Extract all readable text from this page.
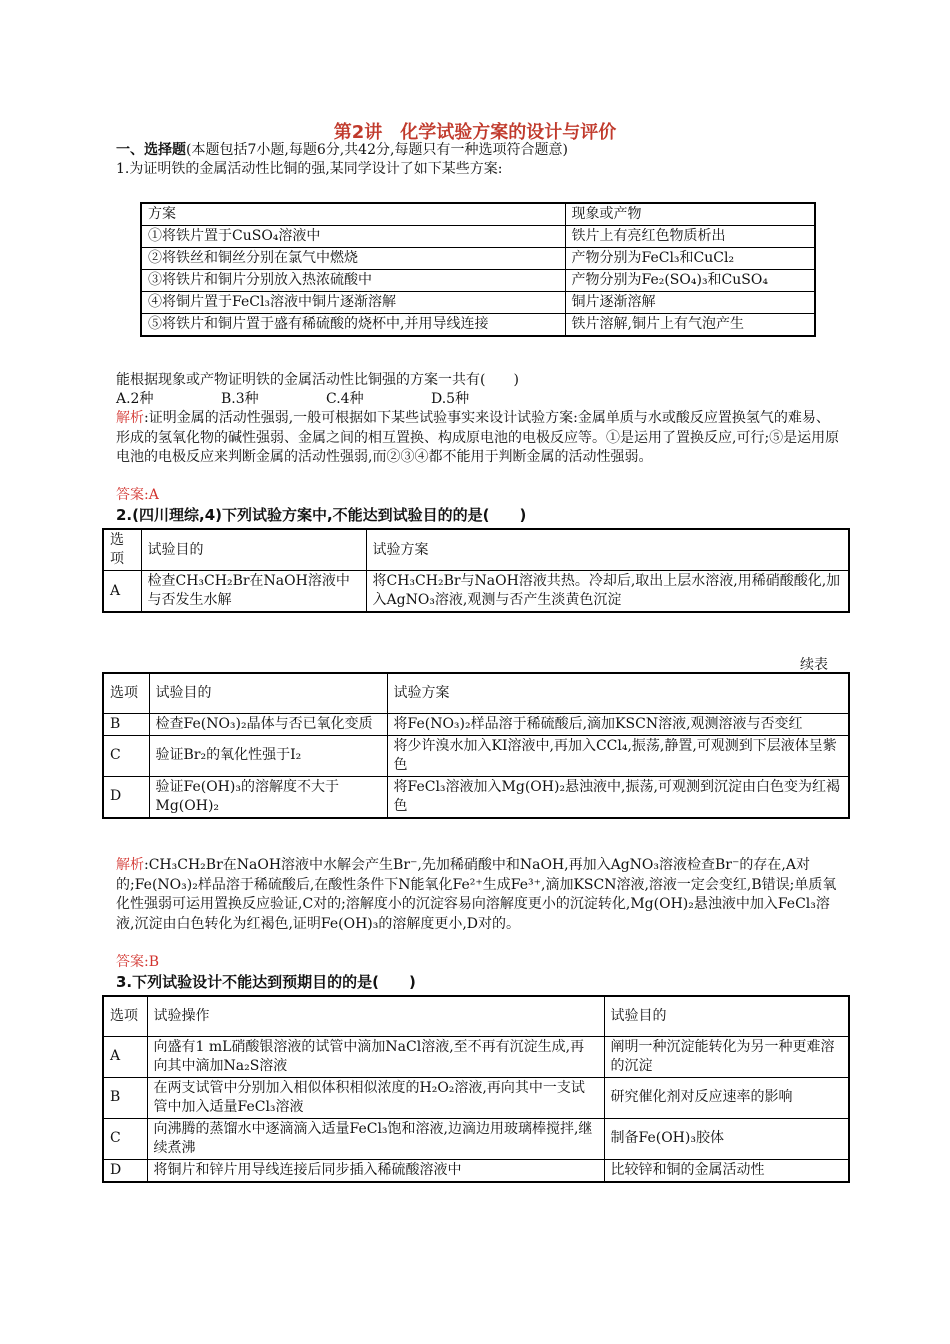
第2讲　化学试验方案的设计与评价
一、选择题(本题包括7小题,每题6分,共42分,每题只有一种选项符合题意)
1.为证明铁的金属活动性比铜的强,某同学设计了如下某些方案:
方案	现象或产物
①将铁片置于CuSO₄溶液中	铁片上有亮红色物质析出
②将铁丝和铜丝分别在氯气中燃烧	产物分别为FeCl₃和CuCl₂
③将铁片和铜片分别放入热浓硫酸中	产物分别为Fe₂(SO₄)₃和CuSO₄
④将铜片置于FeCl₃溶液中铜片逐渐溶解	铜片逐渐溶解
⑤将铁片和铜片置于盛有稀硫酸的烧杯中,并用导线连接	铁片溶解,铜片上有气泡产生
能根据现象或产物证明铁的金属活动性比铜强的方案一共有(　　)
A.2种	B.3种	C.4种	D.5种
解析:证明金属的活动性强弱,一般可根据如下某些试验事实来设计试验方案:金属单质与水或酸反应置换氢气的难易、形成的氢氧化物的碱性强弱、金属之间的相互置换、构成原电池的电极反应等。①是运用了置换反应,可行;⑤是运用原电池的电极反应来判断金属的活动性强弱,而②③④都不能用于判断金属的活动性强弱。
答案:A
2.(四川理综,4)下列试验方案中,不能达到试验目的的是(　　)
选项	试验目的	试验方案
A	检查CH₃CH₂Br在NaOH溶液中与否发生水解	将CH₃CH₂Br与NaOH溶液共热。冷却后,取出上层水溶液,用稀硝酸酸化,加入AgNO₃溶液,观测与否产生淡黄色沉淀
续表
选项	试验目的	试验方案
B	检查Fe(NO₃)₂晶体与否已氧化变质	将Fe(NO₃)₂样品溶于稀硫酸后,滴加KSCN溶液,观测溶液与否变红
C	验证Br₂的氧化性强于I₂	将少许溴水加入KI溶液中,再加入CCl₄,振荡,静置,可观测到下层液体呈紫色
D	验证Fe(OH)₃的溶解度不大于Mg(OH)₂	将FeCl₃溶液加入Mg(OH)₂悬浊液中,振荡,可观测到沉淀由白色变为红褐色
解析:CH₃CH₂Br在NaOH溶液中水解会产生Br⁻,先加稀硝酸中和NaOH,再加入AgNO₃溶液检查Br⁻的存在,A对的;Fe(NO₃)₂样品溶于稀硫酸后,在酸性条件下N能氧化Fe²⁺生成Fe³⁺,滴加KSCN溶液,溶液一定会变红,B错误;单质氧化性强弱可运用置换反应验证,C对的;溶解度小的沉淀容易向溶解度更小的沉淀转化,Mg(OH)₂悬浊液中加入FeCl₃溶液,沉淀由白色转化为红褐色,证明Fe(OH)₃的溶解度更小,D对的。
答案:B
3.下列试验设计不能达到预期目的的是(　　)
选项	试验操作	试验目的
A	向盛有1 mL硝酸银溶液的试管中滴加NaCl溶液,至不再有沉淀生成,再向其中滴加Na₂S溶液	阐明一种沉淀能转化为另一种更难溶的沉淀
B	在两支试管中分别加入相似体积相似浓度的H₂O₂溶液,再向其中一支试管中加入适量FeCl₃溶液	研究催化剂对反应速率的影响
C	向沸腾的蒸馏水中逐滴滴入适量FeCl₃饱和溶液,边滴边用玻璃棒搅拌,继续煮沸	制备Fe(OH)₃胶体
D	将铜片和锌片用导线连接后同步插入稀硫酸溶液中	比较锌和铜的金属活动性
